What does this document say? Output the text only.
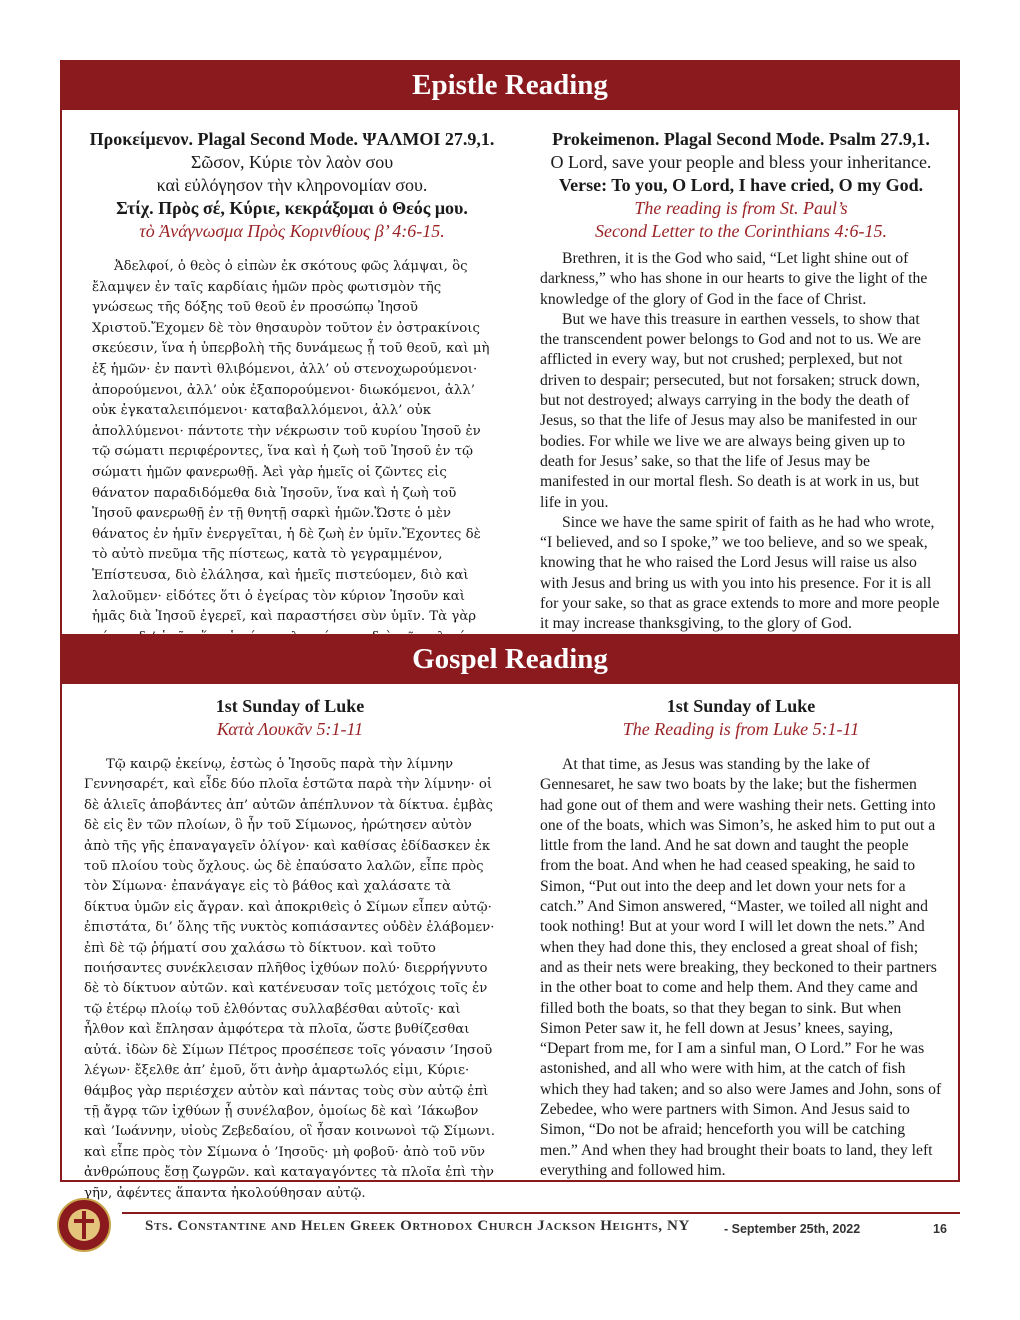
Epistle Reading
Προκείμενον. Plagal Second Mode. ΨΑΛΜΟΙ 27.9,1.
Σῶσον, Κύριε τὸν λαὸν σου
καὶ εὐλόγησον τὴν κληρονομίαν σου.
Στίχ. Πρὸς σέ, Κύριε, κεκράξομαι ὁ Θεός μου.
τὸ Ἀνάγνωσμα Πρὸς Κορινθίους β’ 4:6-15.

Ἀδελφοί, ὁ θεὸς ὁ εἰπὼν ἐκ σκότους φῶς λάμψαι, ὃς ἔλαμψεν ἐν ταῖς καρδίαις ἡμῶν πρὸς φωτισμὸν τῆς γνώσεως τῆς δόξης τοῦ θεοῦ ἐν προσώπῳ Ἰησοῦ Χριστοῦ.Ἔχομεν δὲ τὸν θησαυρὸν τοῦτον ἐν ὀστρακίνοις σκεύεσιν, ἵνα ἡ ὑπερβολὴ τῆς δυνάμεως ᾖ τοῦ θεοῦ, καὶ μὴ ἐξ ἡμῶν· ἐν παντὶ θλιβόμενοι, ἀλλ’ οὐ στενοχωρούμενοι· ἀπορούμενοι, ἀλλ’ οὐκ ἐξαπορούμενοι· διωκόμενοι, ἀλλ’ οὐκ ἐγκαταλειπόμενοι· καταβαλλόμενοι, ἀλλ’ οὐκ ἀπολλύμενοι· πάντοτε τὴν νέκρωσιν τοῦ κυρίου Ἰησοῦ ἐν τῷ σώματι περιφέροντες, ἵνα καὶ ἡ ζωὴ τοῦ Ἰησοῦ ἐν τῷ σώματι ἡμῶν φανερωθῇ. Ἀεὶ γὰρ ἡμεῖς οἱ ζῶντες εἰς θάνατον παραδιδόμεθα διὰ Ἰησοῦν, ἵνα καὶ ἡ ζωὴ τοῦ Ἰησοῦ φανερωθῇ ἐν τῇ θνητῇ σαρκὶ ἡμῶν.Ὥστε ὁ μὲν θάνατος ἐν ἡμῖν ἐνεργεῖται, ἡ δὲ ζωὴ ἐν ὑμῖν.Ἔχοντες δὲ τὸ αὐτὸ πνεῦμα τῆς πίστεως, κατὰ τὸ γεγραμμένον, Ἐπίστευσα, διὸ ἐλάλησα, καὶ ἡμεῖς πιστεύομεν, διὸ καὶ λαλοῦμεν· εἰδότες ὅτι ὁ ἐγείρας τὸν κύριον Ἰησοῦν καὶ ἡμᾶς διὰ Ἰησοῦ ἐγερεῖ, καὶ παραστήσει σὺν ὑμῖν. Τὰ γὰρ

Prokeimenon. Plagal Second Mode. Psalm 27.9,1.
O Lord, save your people and bless your inheritance.
Verse: To you, O Lord, I have cried, O my God.
The reading is from St. Paul’s
Second Letter to the Corinthians 4:6-15.

Brethren, it is the God who said, “Let light shine out of darkness,” who has shone in our hearts to give the light of the knowledge of the glory of God in the face of Christ.

But we have this treasure in earthen vessels, to show that the transcendent power belongs to God and not to us. We are afflicted in every way, but not crushed; perplexed, but not driven to despair; persecuted, but not forsaken; struck down, but not destroyed; always carrying in the body the death of Jesus, so that the life of Jesus may also be manifested in our bodies. For while we live we are always being given up to death for Jesus’ sake, so that the life of Jesus may be manifested in our mortal flesh. So death is at work in us, but life in you.

Since we have the same spirit of faith as he had who wrote, “I believed, and so I spoke,” we too believe, and so we speak, knowing that he who raised the Lord Jesus will raise us also with Jesus and bring us with you into his presence. For it is all for your sake, so that as grace extends to more and more people it may increase thanksgiving, to the glory of God.

Gospel Reading
1st Sunday of Luke
Κατὰ Λουκᾶν 5:1-11

Τῷ καιρῷ ἐκείνῳ, ἑστὼς ὁ Ἰησοῦς παρὰ τὴν λίμνην Γεννησαρέτ, καὶ εἶδε δύο πλοῖα ἑστῶτα παρὰ τὴν λίμνην· οἱ δὲ ἁλιεῖς ἀποβάντες ἀπ’ αὐτῶν ἀπέπλυνον τὰ δίκτυα. ἐμβὰς δὲ εἰς ἓν τῶν πλοίων, ὃ ἦν τοῦ Σίμωνος, ἠρώτησεν αὐτὸν ἀπὸ τῆς γῆς ἐπαναγαγεῖν ὀλίγον· καὶ καθίσας ἐδίδασκεν ἐκ τοῦ πλοίου τοὺς ὄχλους. ὡς δὲ ἐπαύσατο λαλῶν, εἶπε πρὸς τὸν Σίμωνα· ἐπανάγαγε εἰς τὸ βάθος καὶ χαλάσατε τὰ δίκτυα ὑμῶν εἰς ἄγραν. καὶ ἀποκριθεὶς ὁ Σίμων εἶπεν αὐτῷ· ἐπιστάτα, δι’ ὅλης τῆς νυκτὸς κοπιάσαντες οὐδὲν ἐλάβομεν· ἐπὶ δὲ τῷ ῥήματί σου χαλάσω τὸ δίκτυον. καὶ τοῦτο ποιήσαντες συνέκλεισαν πλῆθος ἰχθύων πολύ· διερρήγνυτο δὲ τὸ δίκτυον αὐτῶν. καὶ κατένευσαν τοῖς μετόχοις τοῖς ἐν τῷ ἑτέρῳ πλοίῳ τοῦ ἐλθόντας συλλαβέσθαι αὐτοῖς· καὶ ἦλθον καὶ ἔπλησαν ἀμφότερα τὰ πλοῖα, ὥστε βυθίζεσθαι αὐτά. ἰδὼν δὲ Σίμων Πέτρος προσέπεσε τοῖς γόνασιν ’Ιησοῦ λέγων· ἔξελθε ἀπ’ ἐμοῦ, ὅτι ἀνὴρ ἁμαρτωλός εἰμι, Κύριε· θάμβος γὰρ περιέσχεν αὐτὸν καὶ πάντας τοὺς σὺν αὐτῷ ἐπὶ τῇ ἄγρᾳ τῶν ἰχθύων ᾗ συνέλαβον, ὁμοίως δὲ καὶ ’Ιάκωβον καὶ ’Ιωάννην, υἱοὺς Ζεβεδαίου, οἳ ἦσαν κοινωνοὶ τῷ Σίμωνι. καὶ εἶπε πρὸς τὸν Σίμωνα ὁ ’Ιησοῦς· μὴ φοβοῦ· ἀπὸ τοῦ νῦν ἀνθρώπους ἔσῃ ζωγρῶν. καὶ καταγαγόντες τὰ πλοῖα ἐπὶ τὴν γῆν, ἀφέντες ἅπαντα ἠκολούθησαν αὐτῷ.

1st Sunday of Luke
The Reading is from Luke 5:1-11

At that time, as Jesus was standing by the lake of Gennesaret, he saw two boats by the lake; but the fishermen had gone out of them and were washing their nets. Getting into one of the boats, which was Simon’s, he asked him to put out a little from the land. And he sat down and taught the people from the boat. And when he had ceased speaking, he said to Simon, “Put out into the deep and let down your nets for a catch.” And Simon answered, “Master, we toiled all night and took nothing! But at your word I will let down the nets.” And when they had done this, they enclosed a great shoal of fish; and as their nets were breaking, they beckoned to their partners in the other boat to come and help them. And they came and filled both the boats, so that they began to sink. But when Simon Peter saw it, he fell down at Jesus’ knees, saying, “Depart from me, for I am a sinful man, O Lord.” For he was astonished, and all who were with him, at the catch of fish which they had taken; and so also were James and John, sons of Zebedee, who were partners with Simon. And Jesus said to Simon, “Do not be afraid; henceforth you will be catching men.” And when they had brought their boats to land, they left everything and followed him.

Sts. Constantine and Helen Greek Orthodox Church Jackson Heights, NY	- September 25th, 2022	16
